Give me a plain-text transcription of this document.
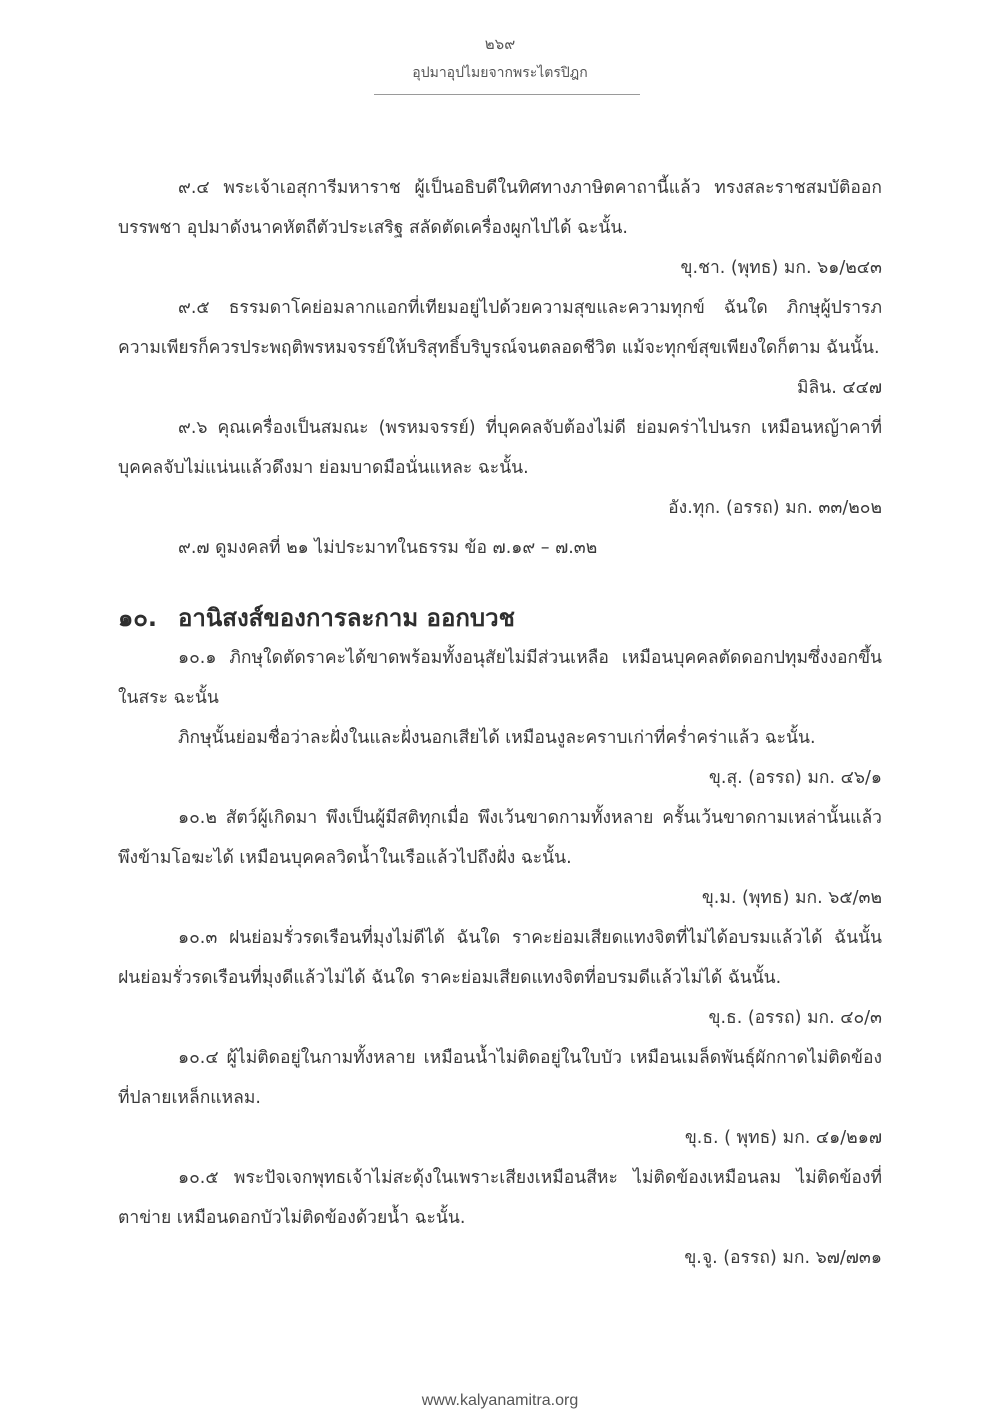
๒๖๙
อุปมาอุปไมยจากพระไตรปิฎก

๙.๔ พระเจ้าเอสุการีมหาราช ผู้เป็นอธิบดีในทิศทางภาษิตคาถานี้แล้ว ทรงสละราชสมบัติออกบรรพชา อุปมาดังนาคหัตถีตัวประเสริฐ สลัดตัดเครื่องผูกไปได้ ฉะนั้น.

ขุ.ชา. (พุทธ) มก. ๖๑/๒๔๓

๙.๕ ธรรมดาโคย่อมลากแอกที่เทียมอยู่ไปด้วยความสุขและความทุกข์ ฉันใด ภิกษุผู้ปรารภความเพียรก็ควรประพฤติพรหมจรรย์ให้บริสุทธิ์บริบูรณ์จนตลอดชีวิต แม้จะทุกข์สุขเพียงใดก็ตาม ฉันนั้น.

มิลิน. ๔๔๗

๙.๖ คุณเครื่องเป็นสมณะ (พรหมจรรย์) ที่บุคคลจับต้องไม่ดี ย่อมคร่าไปนรก เหมือนหญ้าคาที่บุคคลจับไม่แน่นแล้วดึงมา ย่อมบาดมือนั่นแหละ ฉะนั้น.

อัง.ทุก. (อรรถ) มก. ๓๓/๒๐๒

๙.๗ ดูมงคลที่ ๒๑ ไม่ประมาทในธรรม ข้อ ๗.๑๙ – ๗.๓๒

๑๐. อานิสงส์ของการละกาม ออกบวช

๑๐.๑ ภิกษุใดตัดราคะได้ขาดพร้อมทั้งอนุสัยไม่มีส่วนเหลือ เหมือนบุคคลตัดดอกปทุมซึ่งงอกขึ้นในสระ ฉะนั้น

ภิกษุนั้นย่อมชื่อว่าละฝั่งในและฝั่งนอกเสียได้ เหมือนงูละคราบเก่าที่คร่ำคร่าแล้ว ฉะนั้น.

ขุ.สุ. (อรรถ) มก. ๔๖/๑

๑๐.๒ สัตว์ผู้เกิดมา พึงเป็นผู้มีสติทุกเมื่อ พึงเว้นขาดกามทั้งหลาย ครั้นเว้นขาดกามเหล่านั้นแล้ว พึงข้ามโอฆะได้ เหมือนบุคคลวิดน้ำในเรือแล้วไปถึงฝั่ง ฉะนั้น.

ขุ.ม. (พุทธ) มก. ๖๕/๓๒

๑๐.๓ ฝนย่อมรั่วรดเรือนที่มุงไม่ดีได้ ฉันใด ราคะย่อมเสียดแทงจิตที่ไม่ได้อบรมแล้วได้ ฉันนั้น ฝนย่อมรั่วรดเรือนที่มุงดีแล้วไม่ได้ ฉันใด ราคะย่อมเสียดแทงจิตที่อบรมดีแล้วไม่ได้ ฉันนั้น.

ขุ.ธ. (อรรถ) มก. ๔๐/๓

๑๐.๔ ผู้ไม่ติดอยู่ในกามทั้งหลาย เหมือนน้ำไม่ติดอยู่ในใบบัว เหมือนเมล็ดพันธุ์ผักกาดไม่ติดข้องที่ปลายเหล็กแหลม.

ขุ.ธ. ( พุทธ) มก. ๔๑/๒๑๗

๑๐.๕ พระปัจเจกพุทธเจ้าไม่สะดุ้งในเพราะเสียงเหมือนสีหะ ไม่ติดข้องเหมือนลม ไม่ติดข้องที่ตาข่าย เหมือนดอกบัวไม่ติดข้องด้วยน้ำ ฉะนั้น.

ขุ.จู. (อรรถ) มก. ๖๗/๗๓๑

www.kalyanamitra.org
